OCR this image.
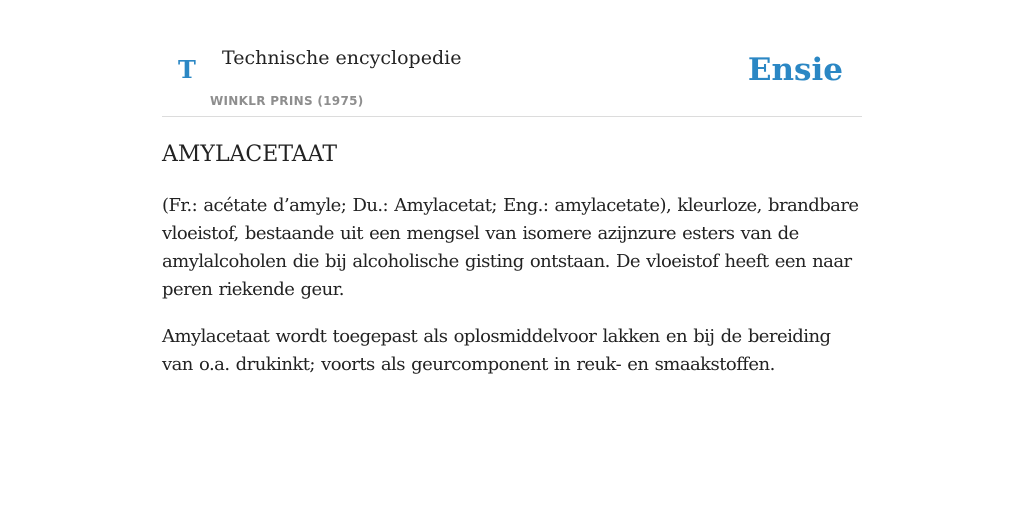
T Technische encyclopedie
WINKLR PRINS (1975)
Ensie
AMYLACETAAT

(Fr.: acétate d’amyle; Du.: Amylacetat; Eng.: amylacetate), kleurloze, brandbare vloeistof, bestaande uit een mengsel van isomere azijnzure esters van de amylalcoholen die bij alcoholische gisting ontstaan. De vloeistof heeft een naar peren riekende geur.

Amylacetaat wordt toegepast als oplosmiddelvoor lakken en bij de bereiding van o.a. drukinkt; voorts als geurcomponent in reuk- en smaakstoffen.
